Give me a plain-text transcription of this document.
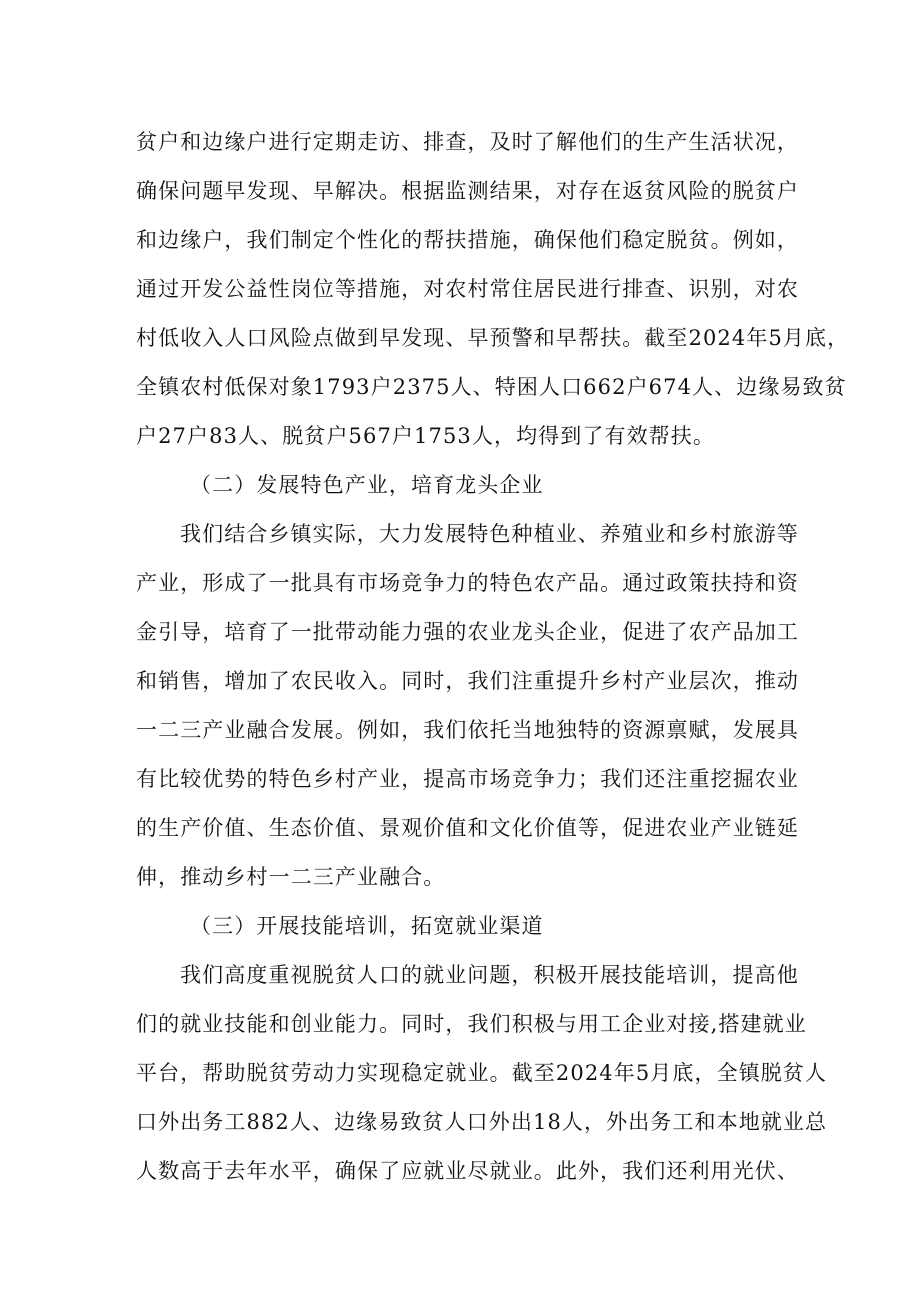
贫户和边缘户进行定期走访、排查，及时了解他们的生产生活状况，
确保问题早发现、早解决。根据监测结果，对存在返贫风险的脱贫户
和边缘户，我们制定个性化的帮扶措施，确保他们稳定脱贫。例如，
通过开发公益性岗位等措施，对农村常住居民进行排查、识别，对农
村低收入人口风险点做到早发现、早预警和早帮扶。截至2024年5月底，
全镇农村低保对象1793户2375人、特困人口662户674人、边缘易致贫
户27户83人、脱贫户567户1753人，均得到了有效帮扶。
（二）发展特色产业，培育龙头企业
我们结合乡镇实际，大力发展特色种植业、养殖业和乡村旅游等
产业，形成了一批具有市场竞争力的特色农产品。通过政策扶持和资
金引导，培育了一批带动能力强的农业龙头企业，促进了农产品加工
和销售，增加了农民收入。同时，我们注重提升乡村产业层次，推动
一二三产业融合发展。例如，我们依托当地独特的资源禀赋，发展具
有比较优势的特色乡村产业，提高市场竞争力；我们还注重挖掘农业
的生产价值、生态价值、景观价值和文化价值等，促进农业产业链延
伸，推动乡村一二三产业融合。
（三）开展技能培训，拓宽就业渠道
我们高度重视脱贫人口的就业问题，积极开展技能培训，提高他
们的就业技能和创业能力。同时，我们积极与用工企业对接,搭建就业
平台，帮助脱贫劳动力实现稳定就业。截至2024年5月底，全镇脱贫人
口外出务工882人、边缘易致贫人口外出18人，外出务工和本地就业总
人数高于去年水平，确保了应就业尽就业。此外，我们还利用光伏、
